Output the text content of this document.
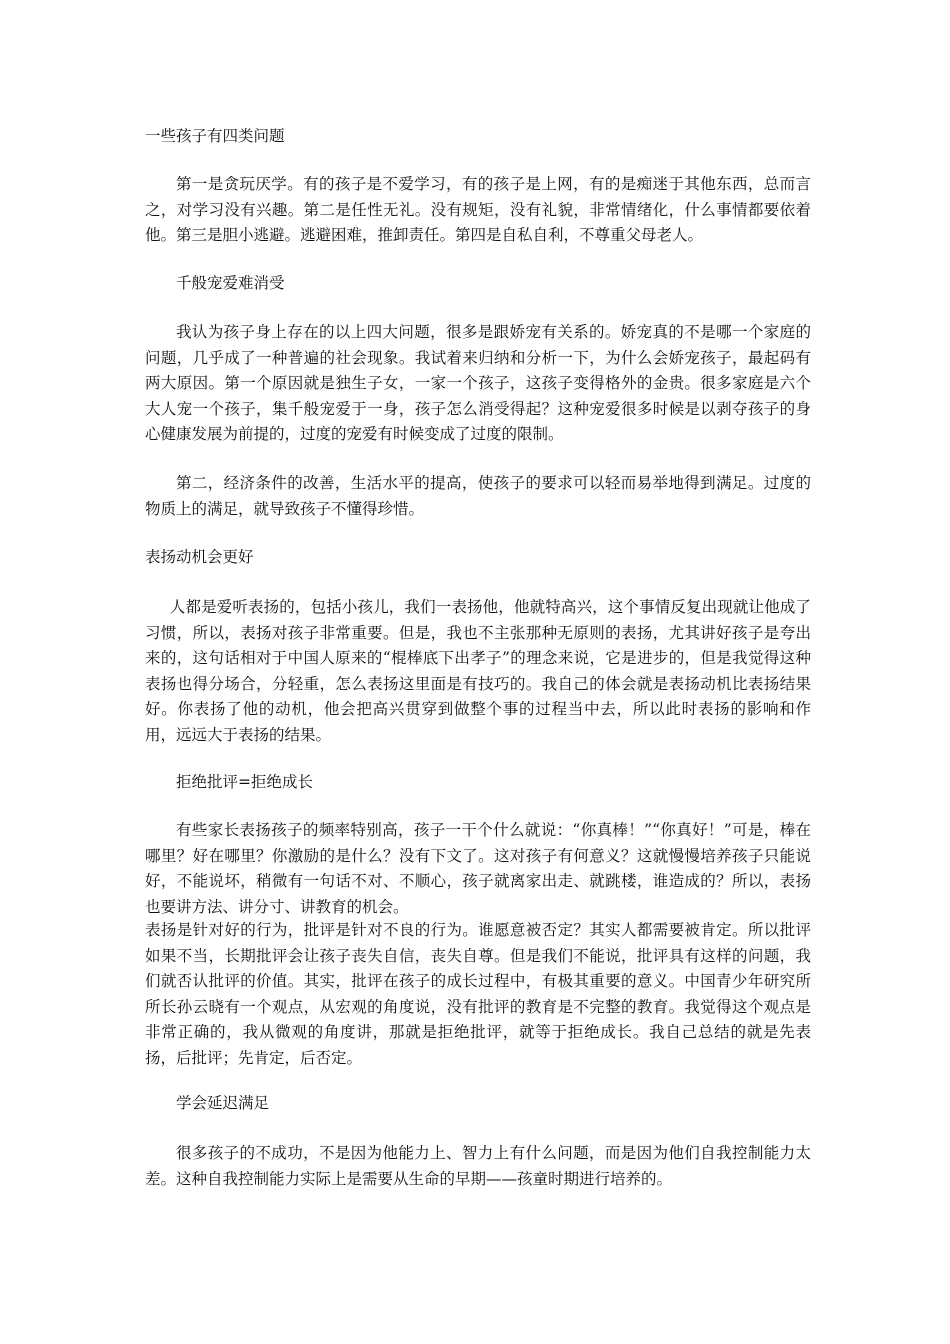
一些孩子有四类问题
第一是贪玩厌学。有的孩子是不爱学习，有的孩子是上网，有的是痴迷于其他东西，总而言之，对学习没有兴趣。第二是任性无礼。没有规矩，没有礼貌，非常情绪化，什么事情都要依着他。第三是胆小逃避。逃避困难，推卸责任。第四是自私自利，不尊重父母老人。
千般宠爱难消受
我认为孩子身上存在的以上四大问题，很多是跟娇宠有关系的。娇宠真的不是哪一个家庭的问题，几乎成了一种普遍的社会现象。我试着来归纳和分析一下，为什么会娇宠孩子，最起码有两大原因。第一个原因就是独生子女，一家一个孩子，这孩子变得格外的金贵。很多家庭是六个大人宠一个孩子，集千般宠爱于一身，孩子怎么消受得起？这种宠爱很多时候是以剥夺孩子的身心健康发展为前提的，过度的宠爱有时候变成了过度的限制。
第二，经济条件的改善，生活水平的提高，使孩子的要求可以轻而易举地得到满足。过度的物质上的满足，就导致孩子不懂得珍惜。
表扬动机会更好
人都是爱听表扬的，包括小孩儿，我们一表扬他，他就特高兴，这个事情反复出现就让他成了习惯，所以，表扬对孩子非常重要。但是，我也不主张那种无原则的表扬，尤其讲好孩子是夸出来的，这句话相对于中国人原来的“棍棒底下出孝子”的理念来说，它是进步的，但是我觉得这种表扬也得分场合，分轻重，怎么表扬这里面是有技巧的。我自己的体会就是表扬动机比表扬结果好。你表扬了他的动机，他会把高兴贯穿到做整个事的过程当中去，所以此时表扬的影响和作用，远远大于表扬的结果。
拒绝批评=拒绝成长
有些家长表扬孩子的频率特别高，孩子一干个什么就说：“你真棒！”“你真好！”可是，棒在哪里？好在哪里？你激励的是什么？没有下文了。这对孩子有何意义？这就慢慢培养孩子只能说好，不能说坏，稍微有一句话不对、不顺心，孩子就离家出走、就跳楼，谁造成的？所以，表扬也要讲方法、讲分寸、讲教育的机会。
表扬是针对好的行为，批评是针对不良的行为。谁愿意被否定？其实人都需要被肯定。所以批评如果不当，长期批评会让孩子丧失自信，丧失自尊。但是我们不能说，批评具有这样的问题，我们就否认批评的价值。其实，批评在孩子的成长过程中，有极其重要的意义。中国青少年研究所所长孙云晓有一个观点，从宏观的角度说，没有批评的教育是不完整的教育。我觉得这个观点是非常正确的，我从微观的角度讲，那就是拒绝批评，就等于拒绝成长。我自己总结的就是先表扬，后批评；先肯定，后否定。
学会延迟满足
很多孩子的不成功，不是因为他能力上、智力上有什么问题，而是因为他们自我控制能力太差。这种自我控制能力实际上是需要从生命的早期——孩童时期进行培养的。
